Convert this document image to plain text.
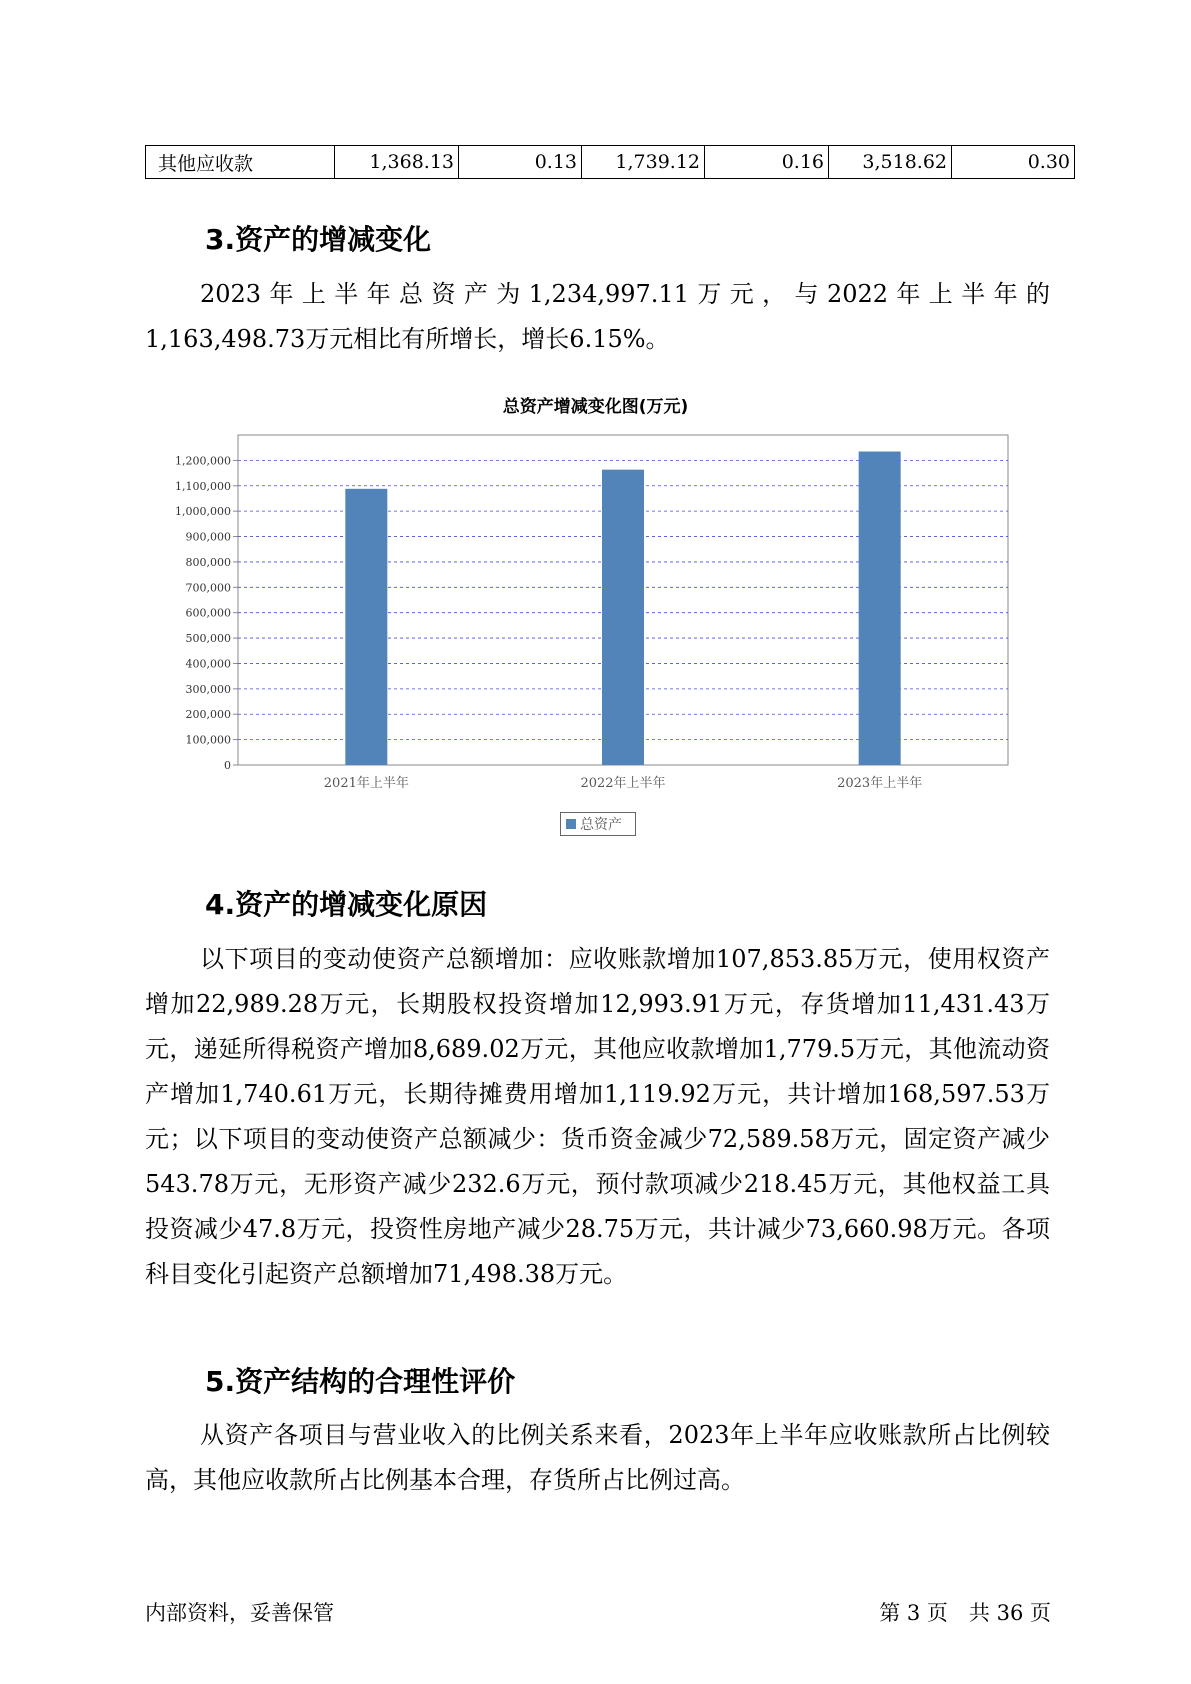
其他应收款	1,368.13	0.13	1,739.12	0.16	3,518.62	0.30
3.资产的增减变化
2023年上半年总资产为1,234,997.11万元，与2022年上半年的1,163,498.73万元相比有所增长，增长6.15%。
总资产增减变化图(万元)
0
100,000
200,000
300,000
400,000
500,000
600,000
700,000
800,000
900,000
1,000,000
1,100,000
1,200,000
2021年上半年	2022年上半年	2023年上半年
总资产
4.资产的增减变化原因
以下项目的变动使资产总额增加：应收账款增加107,853.85万元，使用权资产增加22,989.28万元，长期股权投资增加12,993.91万元，存货增加11,431.43万元，递延所得税资产增加8,689.02万元，其他应收款增加1,779.5万元，其他流动资产增加1,740.61万元，长期待摊费用增加1,119.92万元，共计增加168,597.53万元；以下项目的变动使资产总额减少：货币资金减少72,589.58万元，固定资产减少543.78万元，无形资产减少232.6万元，预付款项减少218.45万元，其他权益工具投资减少47.8万元，投资性房地产减少28.75万元，共计减少73,660.98万元。各项科目变化引起资产总额增加71,498.38万元。
5.资产结构的合理性评价
从资产各项目与营业收入的比例关系来看，2023年上半年应收账款所占比例较高，其他应收款所占比例基本合理，存货所占比例过高。
内部资料，妥善保管	第 3 页　共 36 页
